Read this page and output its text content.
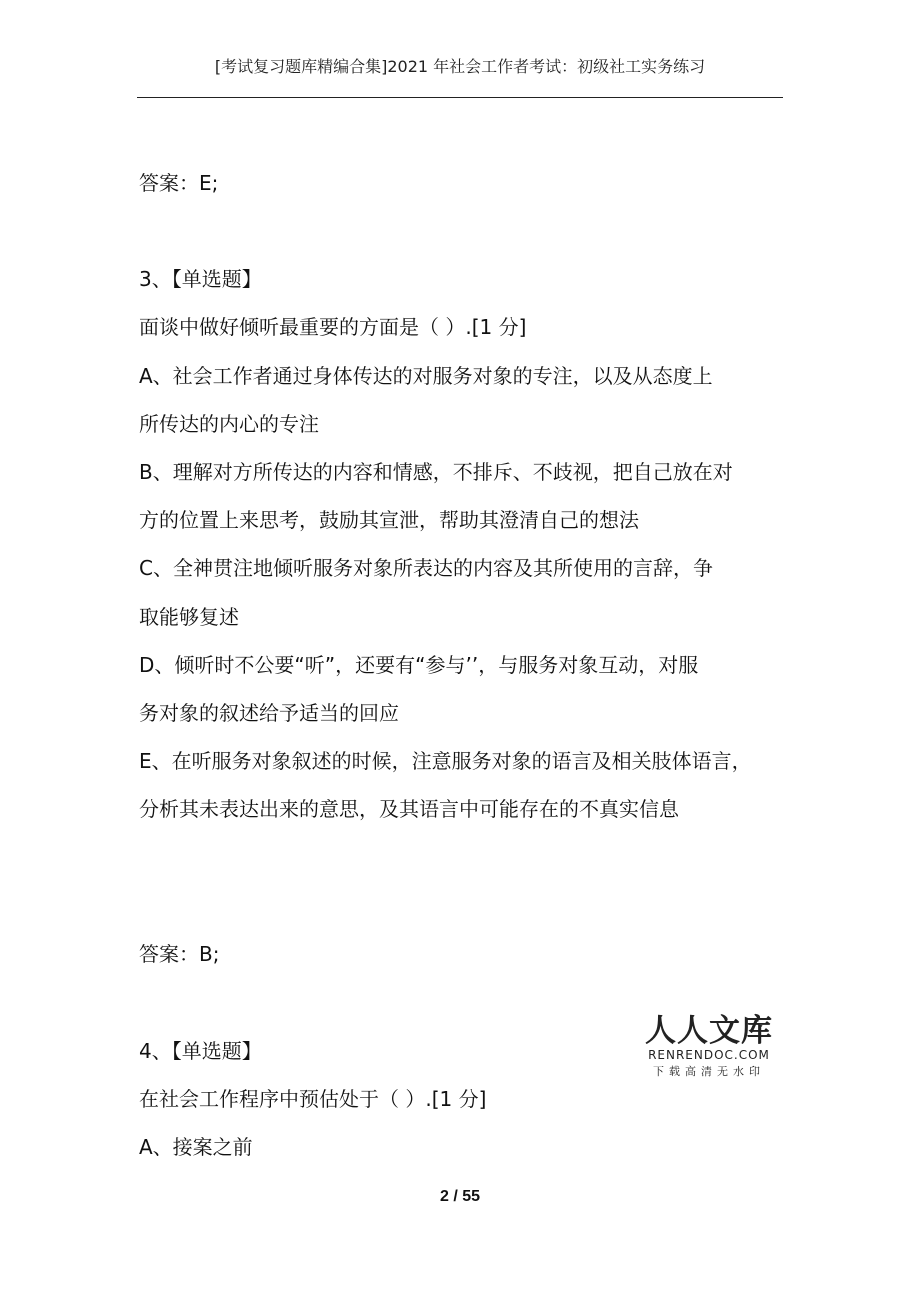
[考试复习题库精编合集]2021 年社会工作者考试：初级社工实务练习
答案：E;
3、【单选题】
面谈中做好倾听最重要的方面是（ ）.[1 分]
A、社会工作者通过身体传达的对服务对象的专注，以及从态度上
所传达的内心的专注
B、理解对方所传达的内容和情感，不排斥、不歧视，把自己放在对
方的位置上来思考，鼓励其宣泄，帮助其澄清自己的想法
C、全神贯注地倾听服务对象所表达的内容及其所使用的言辞，争
取能够复述
D、倾听时不公要“听”，还要有“参与’’，与服务对象互动，对服
务对象的叙述给予适当的回应
E、在听服务对象叙述的时候，注意服务对象的语言及相关肢体语言，
分析其未表达出来的意思，及其语言中可能存在的不真实信息
答案：B;
4、【单选题】
在社会工作程序中预估处于（ ）.[1 分]
A、接案之前
人人文库
RENRENDOC.COM
下载高清无水印
2 / 55
